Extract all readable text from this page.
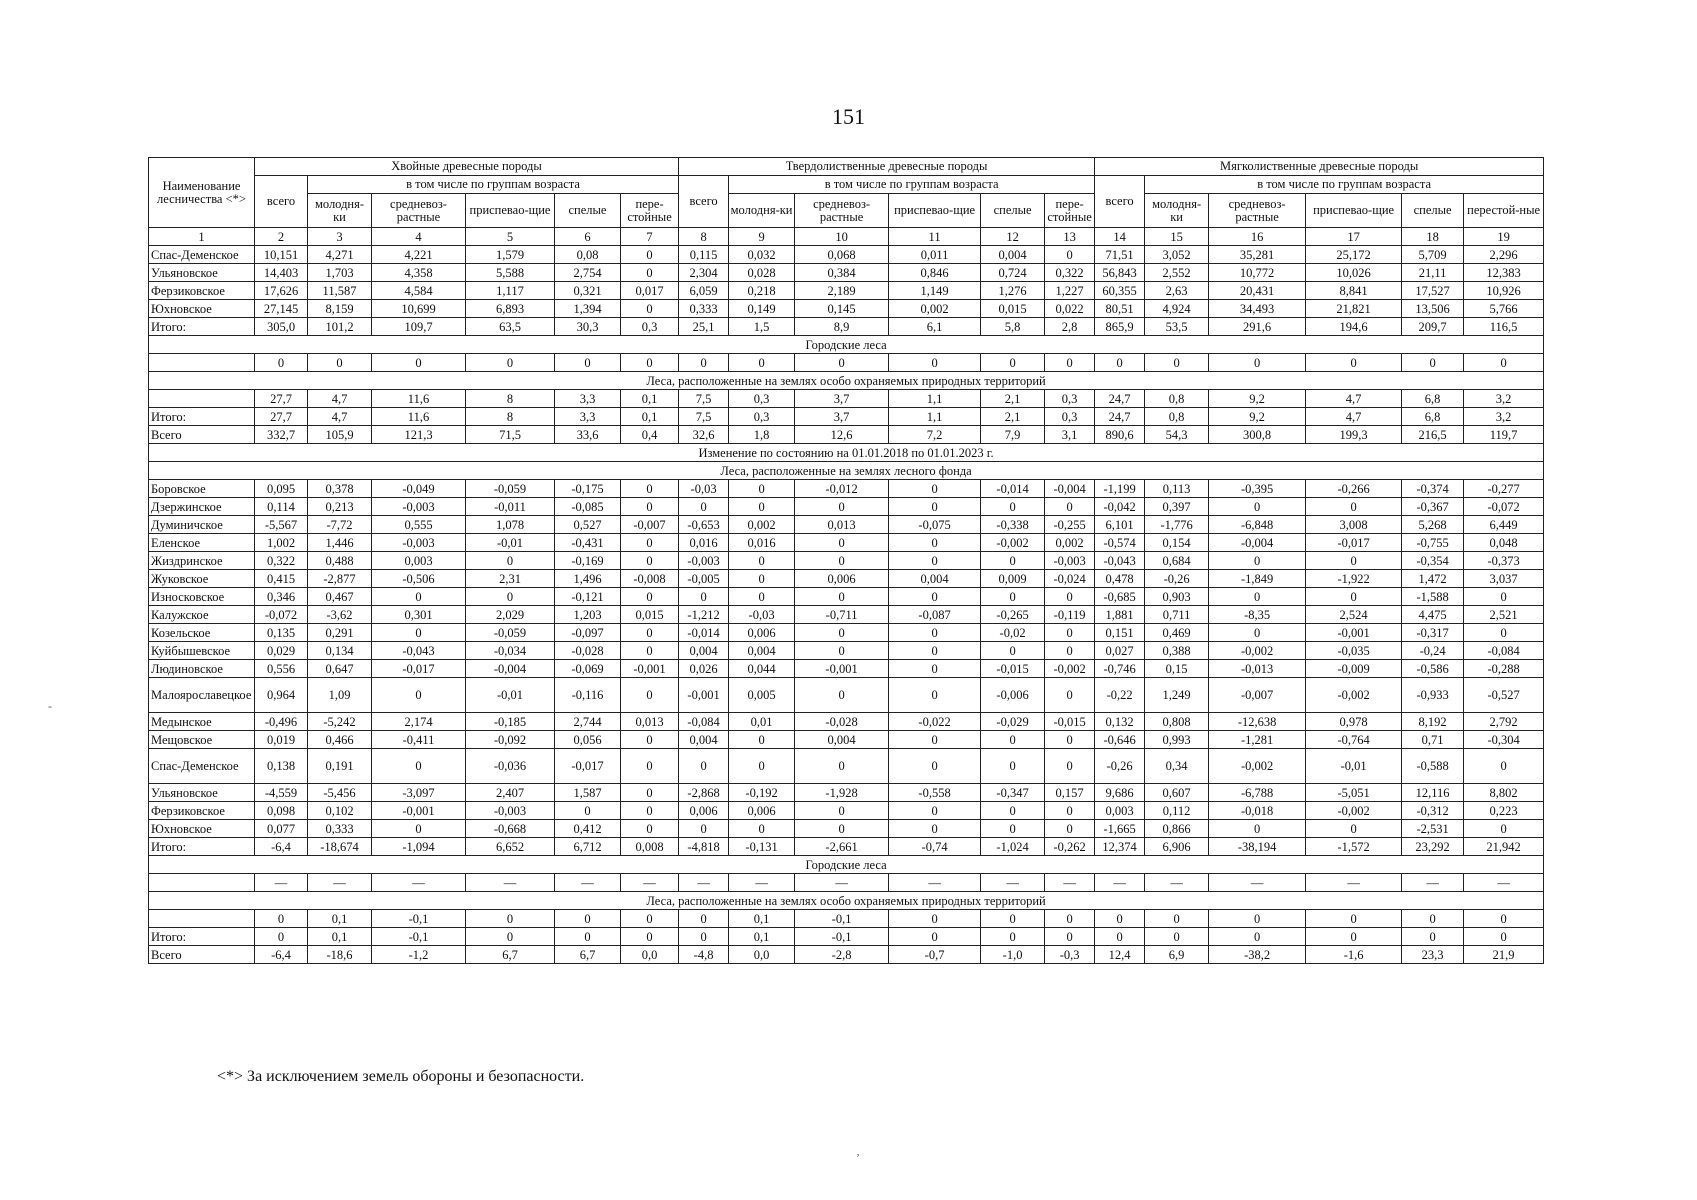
151
Наименование лесничества <*>	Хвойные древесные породы						Твердолиственные древесные породы						Мягколиственные древесные породы					
	всего	в том числе по группам возраста					всего	в том числе по группам возраста					всего	в том числе по группам возраста				
		молодня-ки	средневоз-растные	приспевао-щие	спелые	пере-стойные		молодня-ки	средневоз-растные	приспевао-щие	спелые	пере-стойные		молодня-ки	средневоз-растные	приспевао-щие	спелые	перестой-ные
1	2	3	4	5	6	7	8	9	10	11	12	13	14	15	16	17	18	19
Спас-Деменское	10,151	4,271	4,221	1,579	0,08	0	0,115	0,032	0,068	0,011	0,004	0	71,51	3,052	35,281	25,172	5,709	2,296
Ульяновское	14,403	1,703	4,358	5,588	2,754	0	2,304	0,028	0,384	0,846	0,724	0,322	56,843	2,552	10,772	10,026	21,11	12,383
Ферзиковское	17,626	11,587	4,584	1,117	0,321	0,017	6,059	0,218	2,189	1,149	1,276	1,227	60,355	2,63	20,431	8,841	17,527	10,926
Юхновское	27,145	8,159	10,699	6,893	1,394	0	0,333	0,149	0,145	0,002	0,015	0,022	80,51	4,924	34,493	21,821	13,506	5,766
Итого:	305,0	101,2	109,7	63,5	30,3	0,3	25,1	1,5	8,9	6,1	5,8	2,8	865,9	53,5	291,6	194,6	209,7	116,5
Городские леса																		
	0	0	0	0	0	0	0	0	0	0	0	0	0	0	0	0	0	0
Леса, расположенные на землях особо охраняемых природных территорий																		
	27,7	4,7	11,6	8	3,3	0,1	7,5	0,3	3,7	1,1	2,1	0,3	24,7	0,8	9,2	4,7	6,8	3,2
Итого:	27,7	4,7	11,6	8	3,3	0,1	7,5	0,3	3,7	1,1	2,1	0,3	24,7	0,8	9,2	4,7	6,8	3,2
Всего	332,7	105,9	121,3	71,5	33,6	0,4	32,6	1,8	12,6	7,2	7,9	3,1	890,6	54,3	300,8	199,3	216,5	119,7
Изменение по состоянию на 01.01.2018 по 01.01.2023 г.																		
Леса, расположенные на землях лесного фонда																		
Боровское	0,095	0,378	-0,049	-0,059	-0,175	0	-0,03	0	-0,012	0	-0,014	-0,004	-1,199	0,113	-0,395	-0,266	-0,374	-0,277
Дзержинское	0,114	0,213	-0,003	-0,011	-0,085	0	0	0	0	0	0	0	-0,042	0,397	0	0	-0,367	-0,072
Думиничское	-5,567	-7,72	0,555	1,078	0,527	-0,007	-0,653	0,002	0,013	-0,075	-0,338	-0,255	6,101	-1,776	-6,848	3,008	5,268	6,449
Еленское	1,002	1,446	-0,003	-0,01	-0,431	0	0,016	0,016	0	0	-0,002	0,002	-0,574	0,154	-0,004	-0,017	-0,755	0,048
Жиздринское	0,322	0,488	0,003	0	-0,169	0	-0,003	0	0	0	0	-0,003	-0,043	0,684	0	0	-0,354	-0,373
Жуковское	0,415	-2,877	-0,506	2,31	1,496	-0,008	-0,005	0	0,006	0,004	0,009	-0,024	0,478	-0,26	-1,849	-1,922	1,472	3,037
Износковское	0,346	0,467	0	0	-0,121	0	0	0	0	0	0	0	-0,685	0,903	0	0	-1,588	0
Калужское	-0,072	-3,62	0,301	2,029	1,203	0,015	-1,212	-0,03	-0,711	-0,087	-0,265	-0,119	1,881	0,711	-8,35	2,524	4,475	2,521
Козельское	0,135	0,291	0	-0,059	-0,097	0	-0,014	0,006	0	0	-0,02	0	0,151	0,469	0	-0,001	-0,317	0
Куйбышевское	0,029	0,134	-0,043	-0,034	-0,028	0	0,004	0,004	0	0	0	0	0,027	0,388	-0,002	-0,035	-0,24	-0,084
Людиновское	0,556	0,647	-0,017	-0,004	-0,069	-0,001	0,026	0,044	-0,001	0	-0,015	-0,002	-0,746	0,15	-0,013	-0,009	-0,586	-0,288
Малоярославецкое	0,964	1,09	0	-0,01	-0,116	0	-0,001	0,005	0	0	-0,006	0	-0,22	1,249	-0,007	-0,002	-0,933	-0,527
Медынское	-0,496	-5,242	2,174	-0,185	2,744	0,013	-0,084	0,01	-0,028	-0,022	-0,029	-0,015	0,132	0,808	-12,638	0,978	8,192	2,792
Мещовское	0,019	0,466	-0,411	-0,092	0,056	0	0,004	0	0,004	0	0	0	-0,646	0,993	-1,281	-0,764	0,71	-0,304
Спас-Деменское	0,138	0,191	0	-0,036	-0,017	0	0	0	0	0	0	0	-0,26	0,34	-0,002	-0,01	-0,588	0
Ульяновское	-4,559	-5,456	-3,097	2,407	1,587	0	-2,868	-0,192	-1,928	-0,558	-0,347	0,157	9,686	0,607	-6,788	-5,051	12,116	8,802
Ферзиковское	0,098	0,102	-0,001	-0,003	0	0	0,006	0,006	0	0	0	0	0,003	0,112	-0,018	-0,002	-0,312	0,223
Юхновское	0,077	0,333	0	-0,668	0,412	0	0	0	0	0	0	0	-1,665	0,866	0	0	-2,531	0
Итого:	-6,4	-18,674	-1,094	6,652	6,712	0,008	-4,818	-0,131	-2,661	-0,74	-1,024	-0,262	12,374	6,906	-38,194	-1,572	23,292	21,942
Городские леса																		
	—	—	—	—	—	—	—	—	—	—	—	—	—	—	—	—	—	—
Леса, расположенные на землях особо охраняемых природных территорий																		
	0	0,1	-0,1	0	0	0	0	0,1	-0,1	0	0	0	0	0	0	0	0	0
Итого:	0	0,1	-0,1	0	0	0	0	0,1	-0,1	0	0	0	0	0	0	0	0	0
Всего	-6,4	-18,6	-1,2	6,7	6,7	0,0	-4,8	0,0	-2,8	-0,7	-1,0	-0,3	12,4	6,9	-38,2	-1,6	23,3	21,9
<*> За исключением земель обороны и безопасности.
-
‚
